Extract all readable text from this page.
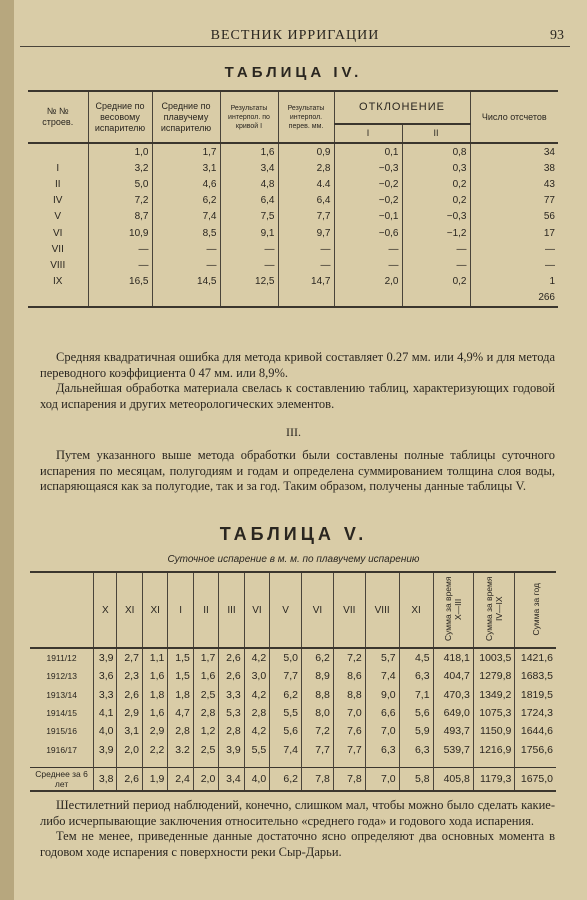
ВЕСТНИК ИРРИГАЦИИ	93
ТАБЛИЦА IV.
№ № строев.	Средние по весовому испарителю	Средние по плавучему испарителю	Результаты интерпол. по кривой I	Результаты интерпол. перев. мм.	ОТКЛОНЕНИЕ		Число отсчетов
					I	II	
	1,0	1,7	1,6	0,9	0,1	0,8	34
I	3,2	3,1	3,4	2,8	−0,3	0,3	38
II	5,0	4,6	4,8	4.4	−0,2	0,2	43
IV	7,2	6,2	6,4	6,4	−0,2	0,2	77
V	8,7	7,4	7,5	7,7	−0,1	−0,3	56
VI	10,9	8,5	9,1	9,7	−0,6	−1,2	17
VII	—	—	—	—	—	—	—
VIII	—	—	—	—	—	—	—
IX	16,5	14,5	12,5	14,7	2,0	0,2	1
							266

Средняя квадратичная ошибка для метода кривой составляет 0.27 мм. или 4,9% и для метода переводного коэффициента 0 47 мм. или 8,9%.

Дальнейшая обработка материала свелась к составлению таблиц, характеризующих годовой ход испарения и других метеорологических элементов.

III.

Путем указанного выше метода обработки были составлены полные таблицы суточного испарения по месяцам, полугодиям и годам и определена суммированием толщина слоя воды, испаряющаяся как за полугодие, так и за год. Таким образом, получены данные таблицы V.

ТАБЛИЦА V.
Суточное испарение в м. м. по плавучему испарению
	X	XI	XI	I	II	III	VI	V	VI	VII	VIII	XI	Сумма за время X—III	Сумма за время IV—IX	Сумма за год
1911/12	3,9	2,7	1,1	1,5	1,7	2,6	4,2	5,0	6,2	7,2	5,7	4,5	418,1	1003,5	1421,6
1912/13	3,6	2,3	1,6	1,5	1,6	2,6	3,0	7,7	8,9	8,6	7,4	6,3	404,7	1279,8	1683,5
1913/14	3,3	2,6	1,8	1,8	2,5	3,3	4,2	6,2	8,8	8,8	9,0	7,1	470,3	1349,2	1819,5
1914/15	4,1	2,9	1,6	4,7	2,8	5,3	2,8	5,5	8,0	7,0	6,6	5,6	649,0	1075,3	1724,3
1915/16	4,0	3,1	2,9	2,8	1,2	2,8	4,2	5,6	7,2	7,6	7,0	5,9	493,7	1150,9	1644,6
1916/17	3,9	2,0	2,2	3.2	2,5	3,9	5,5	7,4	7,7	7,7	6,3	6,3	539,7	1216,9	1756,6

Среднее за 6 лет	3,8	2,6	1,9	2,4	2,0	3,4	4,0	6,2	7,8	7,8	7,0	5,8	405,8	1179,3	1675,0

Шестилетний период наблюдений, конечно, слишком мал, чтобы можно было сделать какие-либо исчерпывающие заключения относительно «среднего года» и годового хода испарения.

Тем не менее, приведенные данные достаточно ясно определяют два основных момента в годовом ходе испарения с поверхности реки Сыр-Дарьи.
